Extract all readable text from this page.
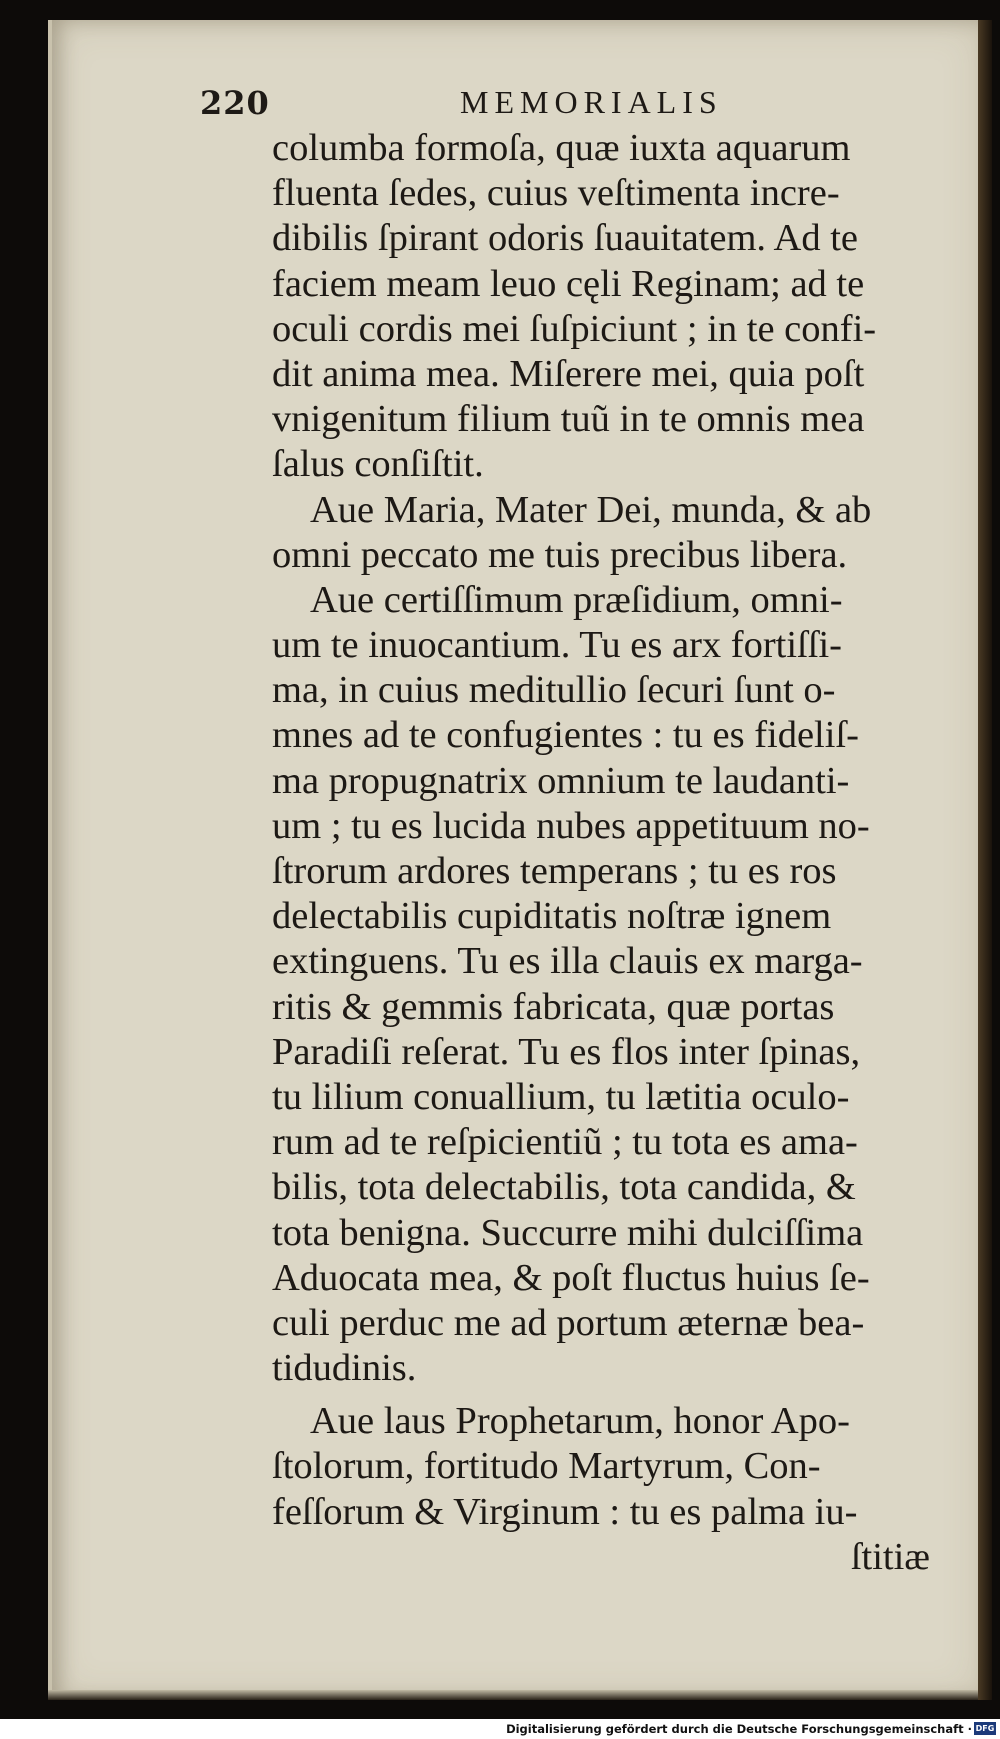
220	MEMORIALIS
columba formoſa, quæ iuxta aquarum
fluenta ſedes, cuius veſtimenta incre-
dibilis ſpirant odoris ſuauitatem. Ad te
faciem meam leuo cęli Reginam; ad te
oculi cordis mei ſuſpiciunt ; in te confi-
dit anima mea. Miſerere mei, quia poſt
vnigenitum filium tuũ in te omnis mea
ſalus conſiſtit.
Aue Maria, Mater Dei, munda, & ab
omni peccato me tuis precibus libera.
Aue certiſſimum præſidium, omni-
um te inuocantium. Tu es arx fortiſſi-
ma, in cuius meditullio ſecuri ſunt o-
mnes ad te confugientes : tu es fideliſ-
ma propugnatrix omnium te laudanti-
um ; tu es lucida nubes appetituum no-
ſtrorum ardores temperans ; tu es ros
delectabilis cupiditatis noſtræ ignem
extinguens. Tu es illa clauis ex marga-
ritis & gemmis fabricata, quæ portas
Paradiſi reſerat. Tu es flos inter ſpinas,
tu lilium conuallium, tu lætitia oculo-
rum ad te reſpicientiũ ; tu tota es ama-
bilis, tota delectabilis, tota candida, &
tota benigna. Succurre mihi dulciſſima
Aduocata mea, & poſt fluctus huius ſe-
culi perduc me ad portum æternæ bea-
tidudinis.
Aue laus Prophetarum, honor Apo-
ſtolorum, fortitudo Martyrum, Con-
feſſorum & Virginum : tu es palma iu-
ſtitiæ
Digitalisierung gefördert durch die Deutsche Forschungsgemeinschaft · DFG
